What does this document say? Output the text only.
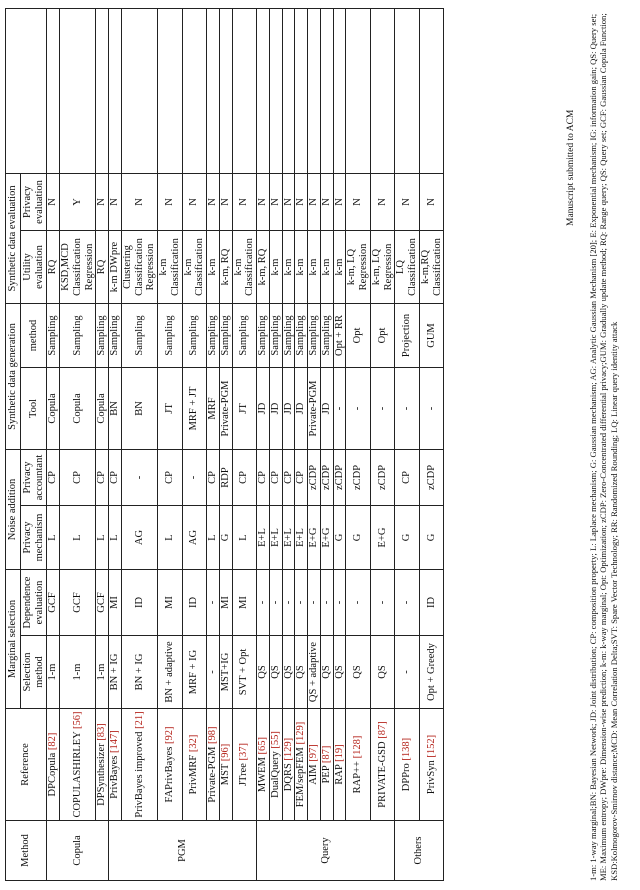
Method	Reference	Marginal selection		Noise addition		Synthetic data generation		Synthetic data evaluation		
		Selection method	Dependence evaluation	Privacy mechanism	Privacy accountant	Tool	method	Utility evaluation	Privacy evaluation	
Copula	DPCopula [82]	1-m	GCF	L	CP	Copula	Sampling	RQ	N	
	COPULASHIRLEY [56]	1-m	GCF	L	CP	Copula	Sampling	KSD,MCD Classification Regression	Y	
	DPSynthesizer [83]	1-m	GCF	L	CP	Copula	Sampling	RQ	N	
PGM	PrivBayes [147]	BN + IG	MI	L	CP	BN	Sampling	k-m DWpre	N	
	PrivBayes improved [21]	BN + IG	ID	AG	-	BN	Sampling	Clustering Classification Regression	N	
	FAPrivBayes [92]	BN + adaptive	MI	L	CP	JT	Sampling	k-m Classification	N	
	PrivMRF [32]	MRF + IG	ID	AG	-	MRF + JT	Sampling	k-m Classification	N	
	Private-PGM [98]	-	-	L	CP	MRF	Sampling	k-m	N	
	MST [96]	MST+IG	MI	G	RDP	Private-PGM	Sampling	k-m, RQ	N	
	JTree [37]	SVT + Opt	MI	L	CP	JT	Sampling	k-m Classification	N	
Query	MWEM [65]	QS	-	E+L	CP	JD	Sampling	k-m, RQ	N	
	DualQuery [55]	QS	-	E+L	CP	JD	Sampling	k-m	N	
	DQRS [129]	QS	-	E+L	CP	JD	Sampling	k-m	N	
	FEM/sepFEM [129]	QS	-	E+L	CP	JD	Sampling	k-m	N	
	AIM [97]	QS + adaptive	-	E+G	zCDP	Private-PGM	Sampling	k-m	N	
	PEP [87]	QS	-	E+G	zCDP	JD	Sampling	k-m	N	
	RAP [19]	QS	-	G	zCDP	-	Opt + RR	k-m	N	
	RAP++ [128]	QS	-	G	zCDP	-	Opt	k-m, LQ Regression	N	
	PRIVATE-GSD [87]	QS	-	E+G	zCDP	-	Opt	k-m, LQ Regression	N	
Others	DPPro [138]	-	-	G	CP	-	Projection	LQ Classification	N	
	PrivSyn [152]	Opt + Greedy	ID	G	zCDP	-	GUM	k-m,RQ Classification	N		Manuscript submitted to ACM 1-m: 1-way marginal;BN: Bayesian Network; JD: Joint distribution; CP: composition property; L: Laplace mechanism; G: Gaussian mechanism; AG: Analytic Gaussian Mechanism [20]; E: Exponential mechanism; IG: information gain; QS: Query set; ME: Maximum entropy; DWpre: Dimension-wise prediction; k-m: k-way marginal; Opt: Optimization; zCDP: Zero-Concentrated differential privacy;GUM: Gradually update method; RQ: Range query; QS: Query set; GCF: Gaussian Copula Function; KSD:Kolmogorov-Smirnov distance;MCD: Mean Correlation Delta;SVT: Spare Vector Technology; RR: Randomized Rounding; LQ: Linear query identity attack
